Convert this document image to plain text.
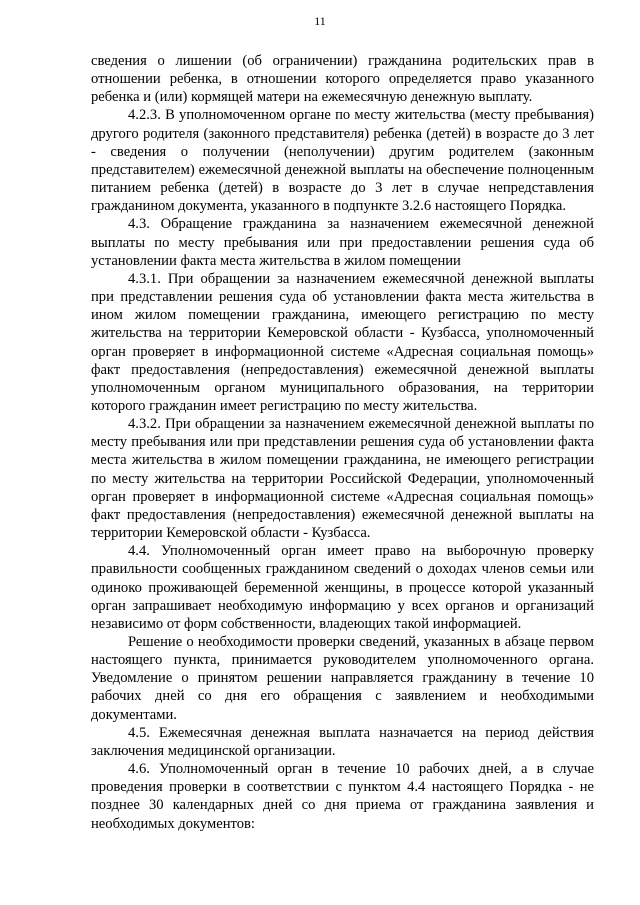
11

сведения о лишении (об ограничении) гражданина родительских прав в отношении ребенка, в отношении которого определяется право указанного ребенка и (или) кормящей матери на ежемесячную денежную выплату.

4.2.3. В уполномоченном органе по месту жительства (месту пребывания) другого родителя (законного представителя) ребенка (детей) в возрасте до 3 лет - сведения о получении (неполучении) другим родителем (законным представителем) ежемесячной денежной выплаты на обеспечение полноценным питанием ребенка (детей) в возрасте до 3 лет в случае непредставления гражданином документа, указанного в подпункте 3.2.6 настоящего Порядка.

4.3. Обращение гражданина за назначением ежемесячной денежной выплаты по месту пребывания или при предоставлении решения суда об установлении факта места жительства в жилом помещении

4.3.1. При обращении за назначением ежемесячной денежной выплаты при представлении решения суда об установлении факта места жительства в ином жилом помещении гражданина, имеющего регистрацию по месту жительства на территории Кемеровской области - Кузбасса, уполномоченный орган проверяет в информационной системе «Адресная социальная помощь» факт предоставления (непредоставления) ежемесячной денежной выплаты уполномоченным органом муниципального образования, на территории которого гражданин имеет регистрацию по месту жительства.

4.3.2. При обращении за назначением ежемесячной денежной выплаты по месту пребывания или при представлении решения суда об установлении факта места жительства в жилом помещении гражданина, не имеющего регистрации по месту жительства на территории Российской Федерации, уполномоченный орган проверяет в информационной системе «Адресная социальная помощь» факт предоставления (непредоставления) ежемесячной денежной выплаты на территории Кемеровской области - Кузбасса.

4.4. Уполномоченный орган имеет право на выборочную проверку правильности сообщенных гражданином сведений о доходах членов семьи или одиноко проживающей беременной женщины, в процессе которой указанный орган запрашивает необходимую информацию у всех органов и организаций независимо от форм собственности, владеющих такой информацией.

Решение о необходимости проверки сведений, указанных в абзаце первом настоящего пункта, принимается руководителем уполномоченного органа. Уведомление о принятом решении направляется гражданину в течение 10 рабочих дней со дня его обращения с заявлением и необходимыми документами.

4.5. Ежемесячная денежная выплата назначается на период действия заключения медицинской организации.

4.6. Уполномоченный орган в течение 10 рабочих дней, а в случае проведения проверки в соответствии с пунктом 4.4 настоящего Порядка - не позднее 30 календарных дней со дня приема от гражданина заявления и необходимых документов:
